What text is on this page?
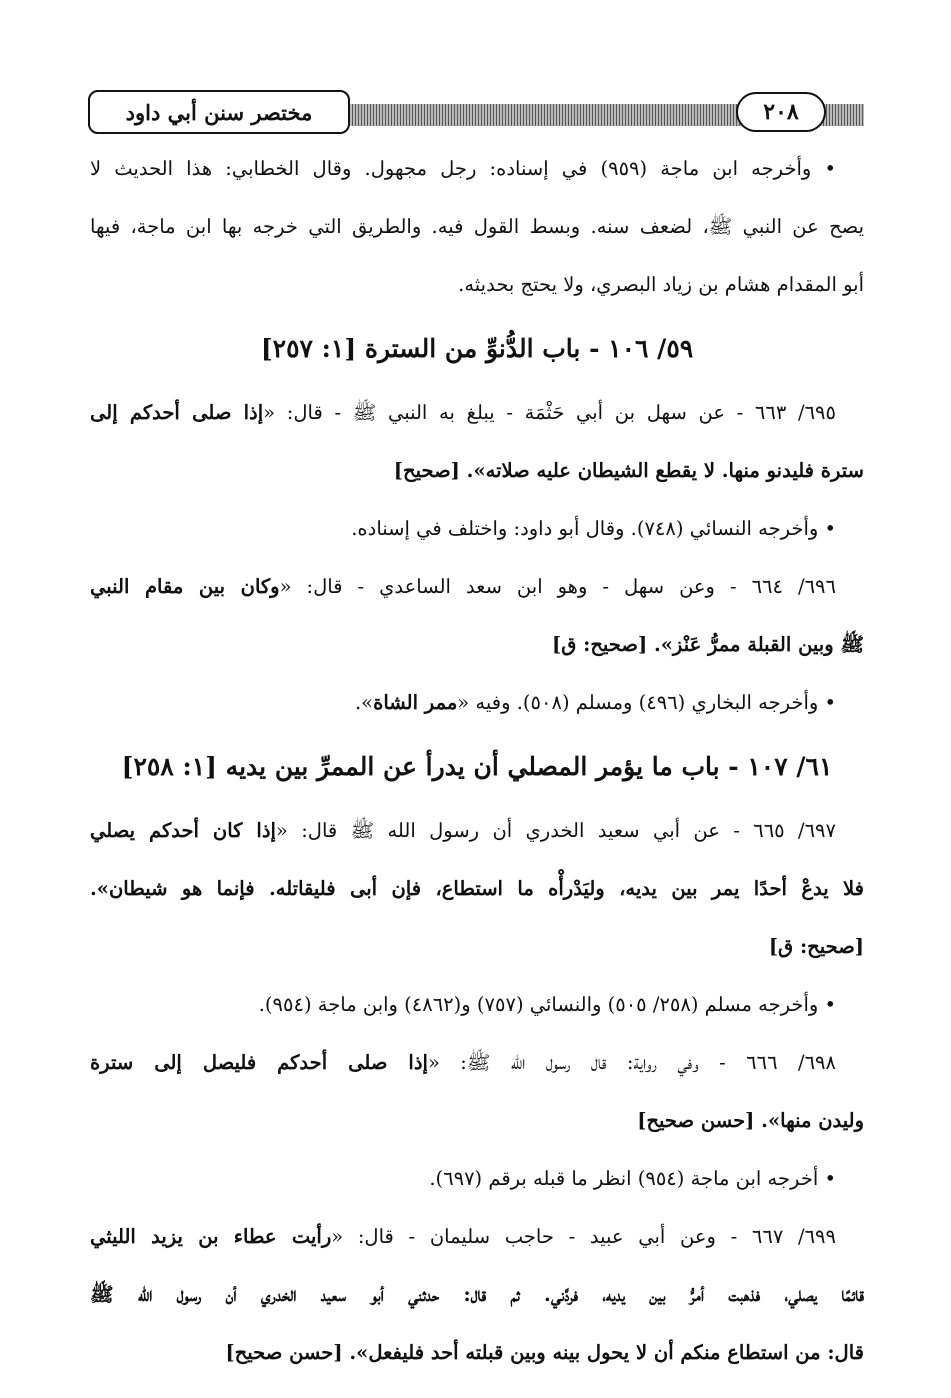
مختصر سنن أبي داود	٢٠٨
• وأخرجه ابن ماجة (٩٥٩) في إسناده: رجل مجهول. وقال الخطابي: هذا الحديث لا
يصح عن النبي ﷺ، لضعف سنه. وبسط القول فيه. والطريق التي خرجه بها ابن ماجة، فيها
أبو المقدام هشام بن زياد البصري، ولا يحتج بحديثه.
٥٩/ ١٠٦ - باب الدُّنوِّ من السترة [١: ٢٥٧]
٦٩٥/ ٦٦٣ - عن سهل بن أبي حَثْمَة - يبلغ به النبي ﷺ - قال: «إذا صلى أحدكم إلى
سترة فليدنو منها. لا يقطع الشيطان عليه صلاته». [صحيح]
• وأخرجه النسائي (٧٤٨). وقال أبو داود: واختلف في إسناده.
٦٩٦/ ٦٦٤ - وعن سهل - وهو ابن سعد الساعدي - قال: «وكان بين مقام النبي
ﷺ وبين القبلة ممرُّ عَنْز». [صحيح: ق]
• وأخرجه البخاري (٤٩٦) ومسلم (٥٠٨). وفيه «ممر الشاة».
٦١/ ١٠٧ - باب ما يؤمر المصلي أن يدرأ عن الممرِّ بين يديه [١: ٢٥٨]
٦٩٧/ ٦٦٥ - عن أبي سعيد الخدري أن رسول الله ﷺ قال: «إذا كان أحدكم يصلي
فلا يدعْ أحدًا يمر بين يديه، وليَدْرأْه ما استطاع، فإن أبى فليقاتله. فإنما هو شيطان».
[صحيح: ق]
• وأخرجه مسلم (٢٥٨/ ٥٠٥) والنسائي (٧٥٧) و(٤٨٦٢) وابن ماجة (٩٥٤).
٦٩٨/ ٦٦٦ - وفي رواية: قال رسول الله ﷺ: «إذا صلى أحدكم فليصل إلى سترة
وليدن منها». [حسن صحيح]
• أخرجه ابن ماجة (٩٥٤) انظر ما قبله برقم (٦٩٧).
٦٩٩/ ٦٦٧ - وعن أبي عبيد - حاجب سليمان - قال: «رأيت عطاء بن يزيد الليثي
قائمًا يصلي، فذهبت أمرُّ بين يديه، فردَّني. ثم قال: حدثني أبو سعيد الخدري أن رسول الله ﷺ
قال: من استطاع منكم أن لا يحول بينه وبين قبلته أحد فليفعل». [حسن صحيح]
